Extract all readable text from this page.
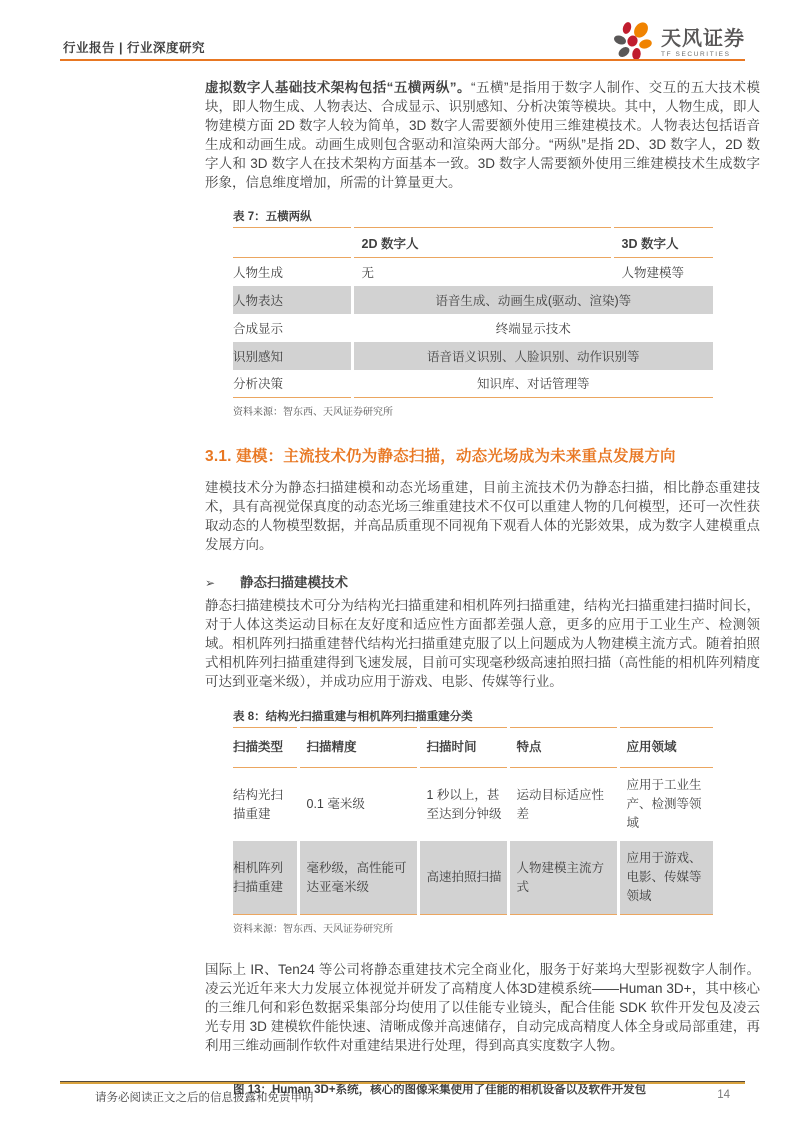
行业报告 | 行业深度研究	天风证券
TF SECURITIES

虚拟数字人基础技术架构包括“五横两纵”。“五横”是指用于数字人制作、交互的五大技术模块，即人物生成、人物表达、合成显示、识别感知、分析决策等模块。其中，人物生成，即人物建模方面 2D 数字人较为简单，3D 数字人需要额外使用三维建模技术。人物表达包括语音生成和动画生成。动画生成则包含驱动和渲染两大部分。“两纵”是指 2D、3D 数字人，2D 数字人和 3D 数字人在技术架构方面基本一致。3D 数字人需要额外使用三维建模技术生成数字形象，信息维度增加，所需的计算量更大。

表 7：五横两纵
	2D 数字人	3D 数字人
人物生成	无	人物建模等
人物表达	语音生成、动画生成(驱动、渲染)等	
合成显示	终端显示技术	
识别感知	语音语义识别、人脸识别、动作识别等	
分析决策	知识库、对话管理等	
资料来源：智东西、天风证券研究所
3.1. 建模：主流技术仍为静态扫描，动态光场成为未来重点发展方向

建模技术分为静态扫描建模和动态光场重建，目前主流技术仍为静态扫描，相比静态重建技术，具有高视觉保真度的动态光场三维重建技术不仅可以重建人物的几何模型，还可一次性获取动态的人物模型数据，并高品质重现不同视角下观看人体的光影效果，成为数字人建模重点发展方向。

➢	静态扫描建模技术

静态扫描建模技术可分为结构光扫描重建和相机阵列扫描重建，结构光扫描重建扫描时间长，对于人体这类运动目标在友好度和适应性方面都差强人意，更多的应用于工业生产、检测领域。相机阵列扫描重建替代结构光扫描重建克服了以上问题成为人物建模主流方式。随着拍照式相机阵列扫描重建得到飞速发展，目前可实现毫秒级高速拍照扫描（高性能的相机阵列精度可达到亚毫米级），并成功应用于游戏、电影、传媒等行业。

表 8：结构光扫描重建与相机阵列扫描重建分类
扫描类型	扫描精度	扫描时间	特点	应用领域
结构光扫描重建	0.1 毫米级	1 秒以上，甚至达到分钟级	运动目标适应性差	应用于工业生产、检测等领域
相机阵列扫描重建	毫秒级，高性能可达亚毫米级	高速拍照扫描	人物建模主流方式	应用于游戏、电影、传媒等领域
资料来源：智东西、天风证券研究所

国际上 IR、Ten24 等公司将静态重建技术完全商业化，服务于好莱坞大型影视数字人制作。凌云光近年来大力发展立体视觉并研发了高精度人体3D建模系统——Human 3D+，其中核心的三维几何和彩色数据采集部分均使用了以佳能专业镜头，配合佳能 SDK 软件开发包及凌云光专用 3D 建模软件能快速、清晰成像并高速储存，自动完成高精度人体全身或局部重建，再利用三维动画制作软件对重建结果进行处理，得到高真实度数字人物。

图 13：Human 3D+系统，核心的图像采集使用了佳能的相机设备以及软件开发包
请务必阅读正文之后的信息披露和免责申明	14
